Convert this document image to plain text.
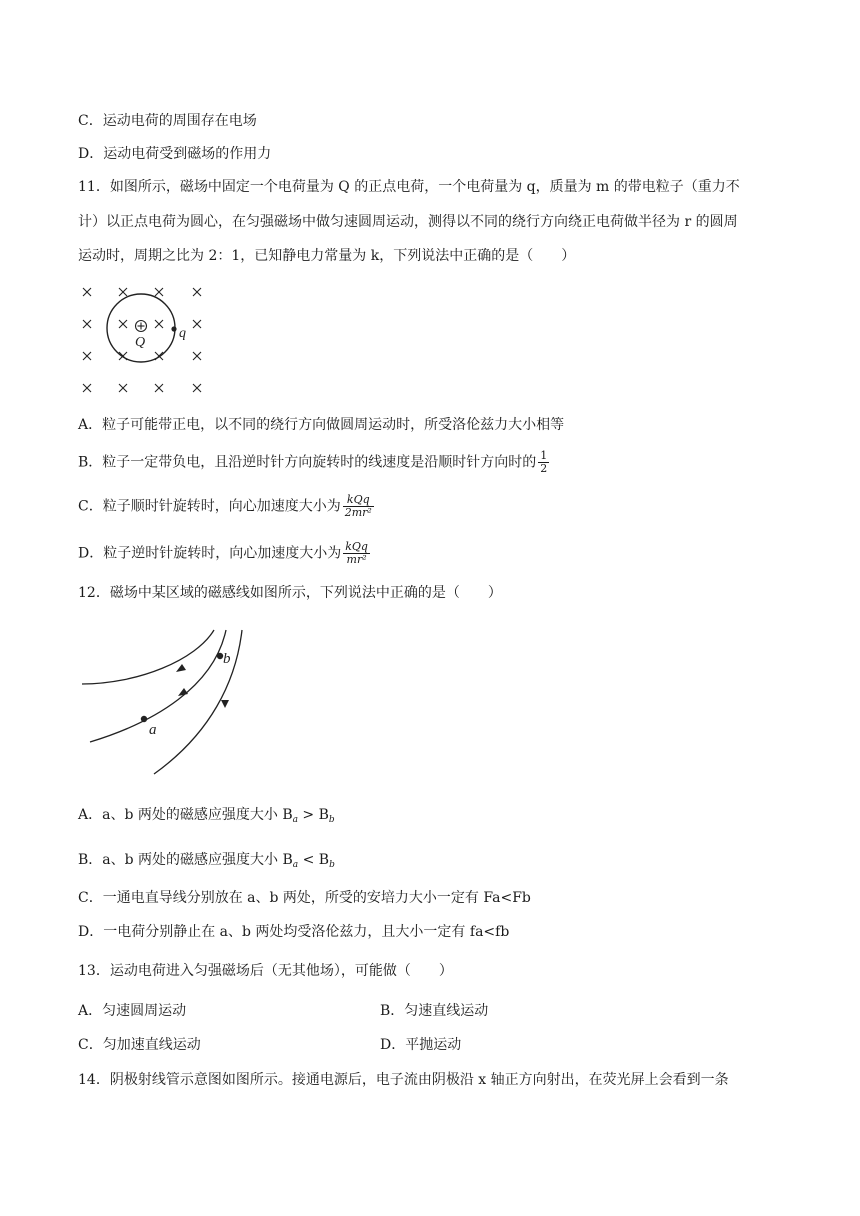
C．运动电荷的周围存在电场
D．运动电荷受到磁场的作用力
11．如图所示，磁场中固定一个电荷量为 Q 的正点电荷，一个电荷量为 q，质量为 m 的带电粒子（重力不
计）以正点电荷为圆心，在匀强磁场中做匀速圆周运动，测得以不同的绕行方向绕正电荷做半径为 r 的圆周
运动时，周期之比为 2：1，已知静电力常量为 k，下列说法中正确的是（　　）
Q
q
A．粒子可能带正电，以不同的绕行方向做圆周运动时，所受洛伦兹力大小相等
B．粒子一定带负电，且沿逆时针方向旋转时的线速度是沿顺时针方向时的 $\frac{1}{2}$
C．粒子顺时针旋转时，向心加速度大小为 $\frac{\text{kQq}}{\text{2mr²}}$
D．粒子逆时针旋转时，向心加速度大小为 $\frac{\text{kQq}}{\text{mr²}}$
12．磁场中某区域的磁感线如图所示，下列说法中正确的是（　　）
b
a
A．a、b 两处的磁感应强度大小 $B_a > B_b$
B．a、b 两处的磁感应强度大小 $B_a < B_b$
C．一通电直导线分别放在 a、b 两处，所受的安培力大小一定有 Fa<Fb
D．一电荷分别静止在 a、b 两处均受洛伦兹力，且大小一定有 fa<fb
13．运动电荷进入匀强磁场后（无其他场），可能做（　　）
A．匀速圆周运动	B．匀速直线运动
C．匀加速直线运动	D．平抛运动
14．阴极射线管示意图如图所示。接通电源后，电子流由阴极沿 x 轴正方向射出，在荧光屏上会看到一条
